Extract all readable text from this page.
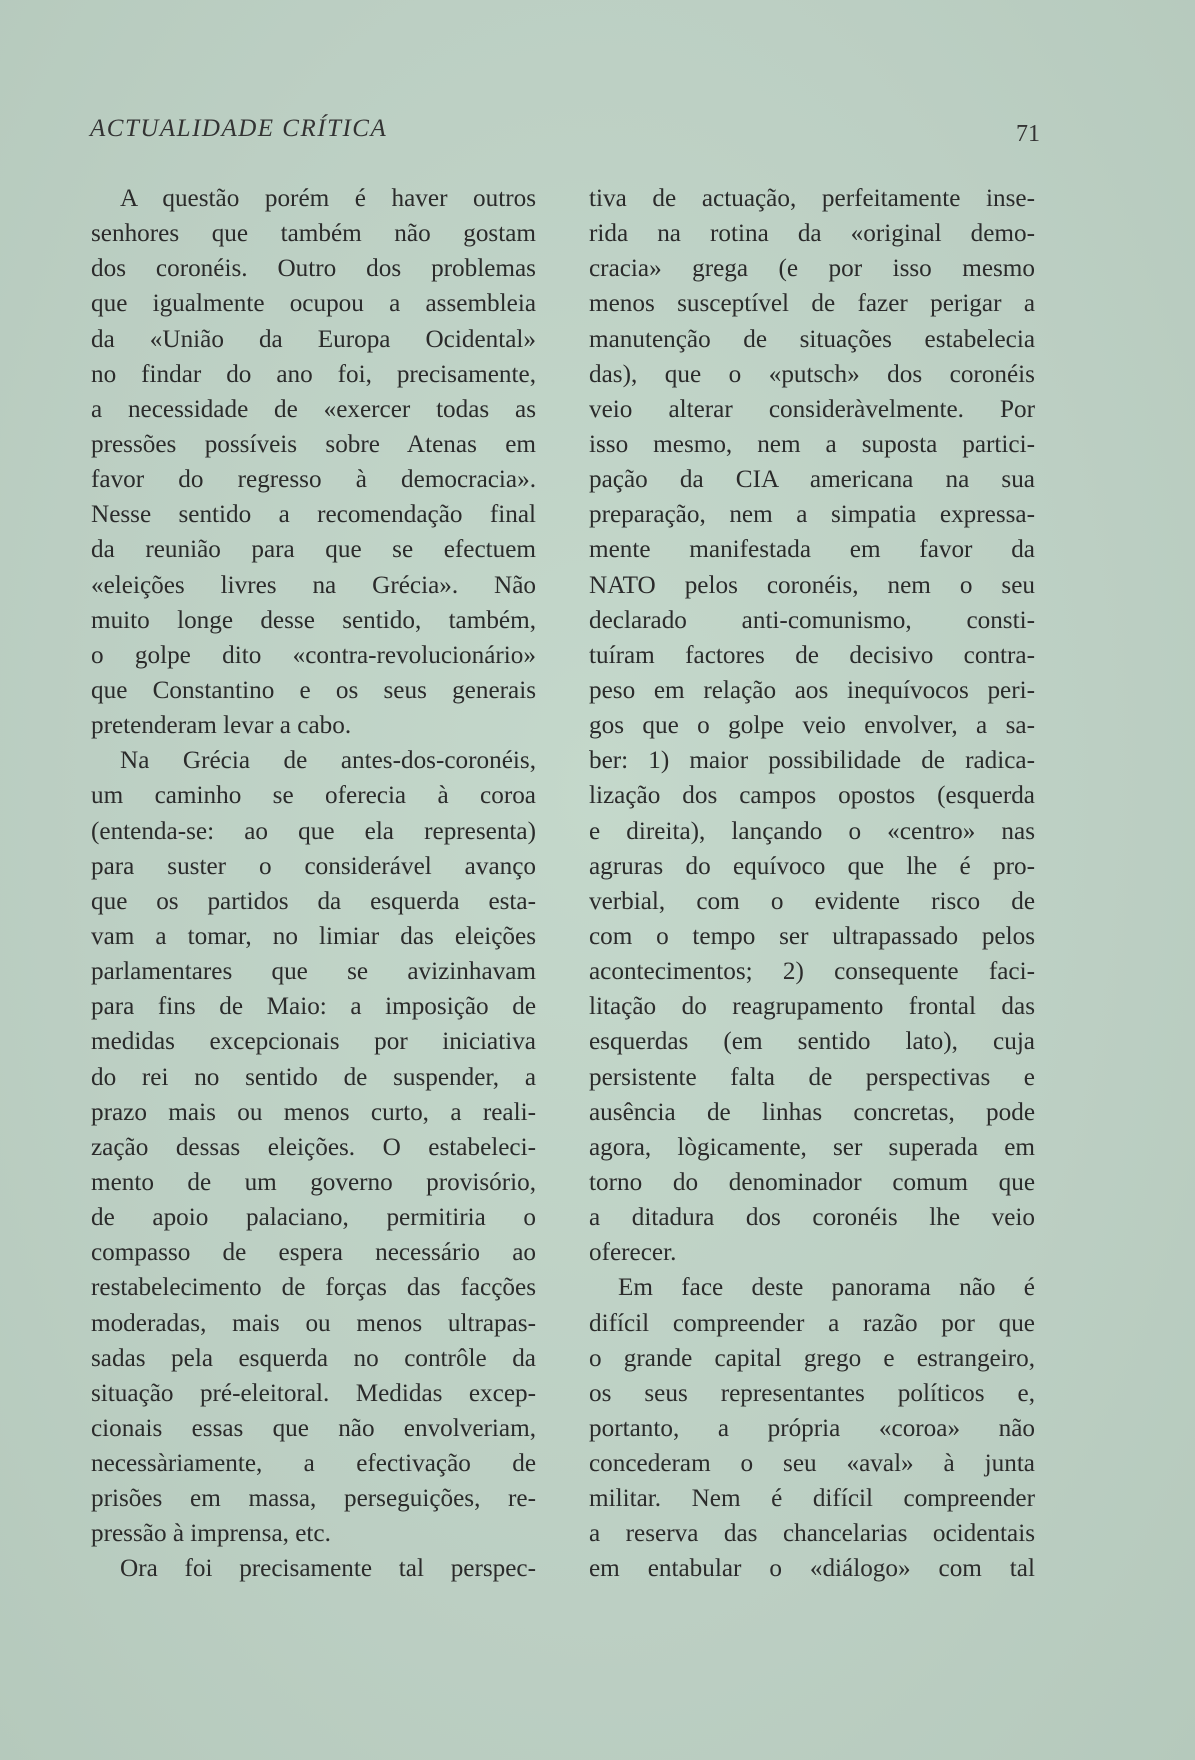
ACTUALIDADE CRÍTICA	71
A questão porém é haver outros
senhores que também não gostam
dos coronéis. Outro dos problemas
que igualmente ocupou a assembleia
da «União da Europa Ocidental»
no findar do ano foi, precisamente,
a necessidade de «exercer todas as
pressões possíveis sobre Atenas em
favor do regresso à democracia».
Nesse sentido a recomendação final
da reunião para que se efectuem
«eleições livres na Grécia». Não
muito longe desse sentido, também,
o golpe dito «contra-revolucionário»
que Constantino e os seus generais
pretenderam levar a cabo.
Na Grécia de antes-dos-coronéis,
um caminho se oferecia à coroa
(entenda-se: ao que ela representa)
para suster o considerável avanço
que os partidos da esquerda esta-
vam a tomar, no limiar das eleições
parlamentares que se avizinhavam
para fins de Maio: a imposição de
medidas excepcionais por iniciativa
do rei no sentido de suspender, a
prazo mais ou menos curto, a reali-
zação dessas eleições. O estabeleci-
mento de um governo provisório,
de apoio palaciano, permitiria o
compasso de espera necessário ao
restabelecimento de forças das facções
moderadas, mais ou menos ultrapas-
sadas pela esquerda no contrôle da
situação pré-eleitoral. Medidas excep-
cionais essas que não envolveriam,
necessàriamente, a efectivação de
prisões em massa, perseguições, re-
pressão à imprensa, etc.
Ora foi precisamente tal perspec-
tiva de actuação, perfeitamente inse-
rida na rotina da «original demo-
cracia» grega (e por isso mesmo
menos susceptível de fazer perigar a
manutenção de situações estabelecia
das), que o «putsch» dos coronéis
veio alterar consideràvelmente. Por
isso mesmo, nem a suposta partici-
pação da CIA americana na sua
preparação, nem a simpatia expressa-
mente manifestada em favor da
NATO pelos coronéis, nem o seu
declarado anti-comunismo, consti-
tuíram factores de decisivo contra-
peso em relação aos inequívocos peri-
gos que o golpe veio envolver, a sa-
ber: 1) maior possibilidade de radica-
lização dos campos opostos (esquerda
e direita), lançando o «centro» nas
agruras do equívoco que lhe é pro-
verbial, com o evidente risco de
com o tempo ser ultrapassado pelos
acontecimentos; 2) consequente faci-
litação do reagrupamento frontal das
esquerdas (em sentido lato), cuja
persistente falta de perspectivas e
ausência de linhas concretas, pode
agora, lògicamente, ser superada em
torno do denominador comum que
a ditadura dos coronéis lhe veio
oferecer.
Em face deste panorama não é
difícil compreender a razão por que
o grande capital grego e estrangeiro,
os seus representantes políticos e,
portanto, a própria «coroa» não
concederam o seu «aval» à junta
militar. Nem é difícil compreender
a reserva das chancelarias ocidentais
em entabular o «diálogo» com tal
